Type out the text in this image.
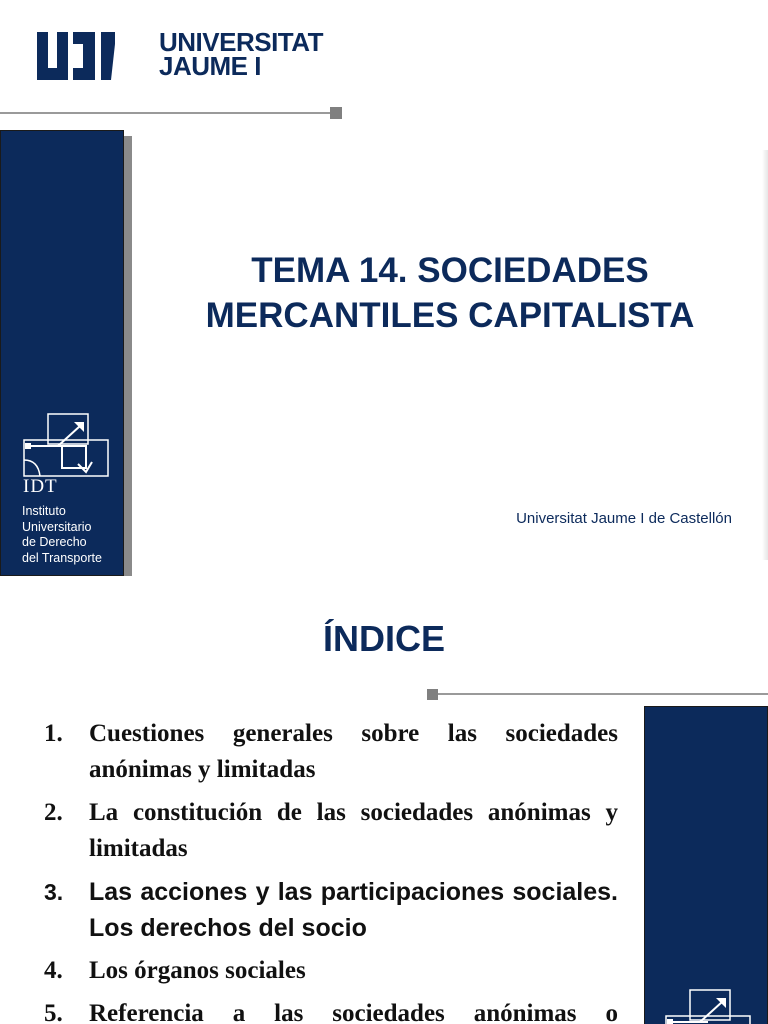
UNIVERSITAT
JAUME I
IDT
Instituto
Universitario
de Derecho
del Transporte
TEMA 14. SOCIEDADES
MERCANTILES CAPITALISTA
Universitat Jaume I de Castellón
ÍNDICE
1.	Cuestiones generales sobre las sociedades anónimas y limitadas
2.	La constitución de las sociedades anónimas y limitadas
3.	Las acciones y las participaciones sociales. Los derechos del socio
4.	Los órganos sociales
5.	Referencia a las sociedades anónimas o
